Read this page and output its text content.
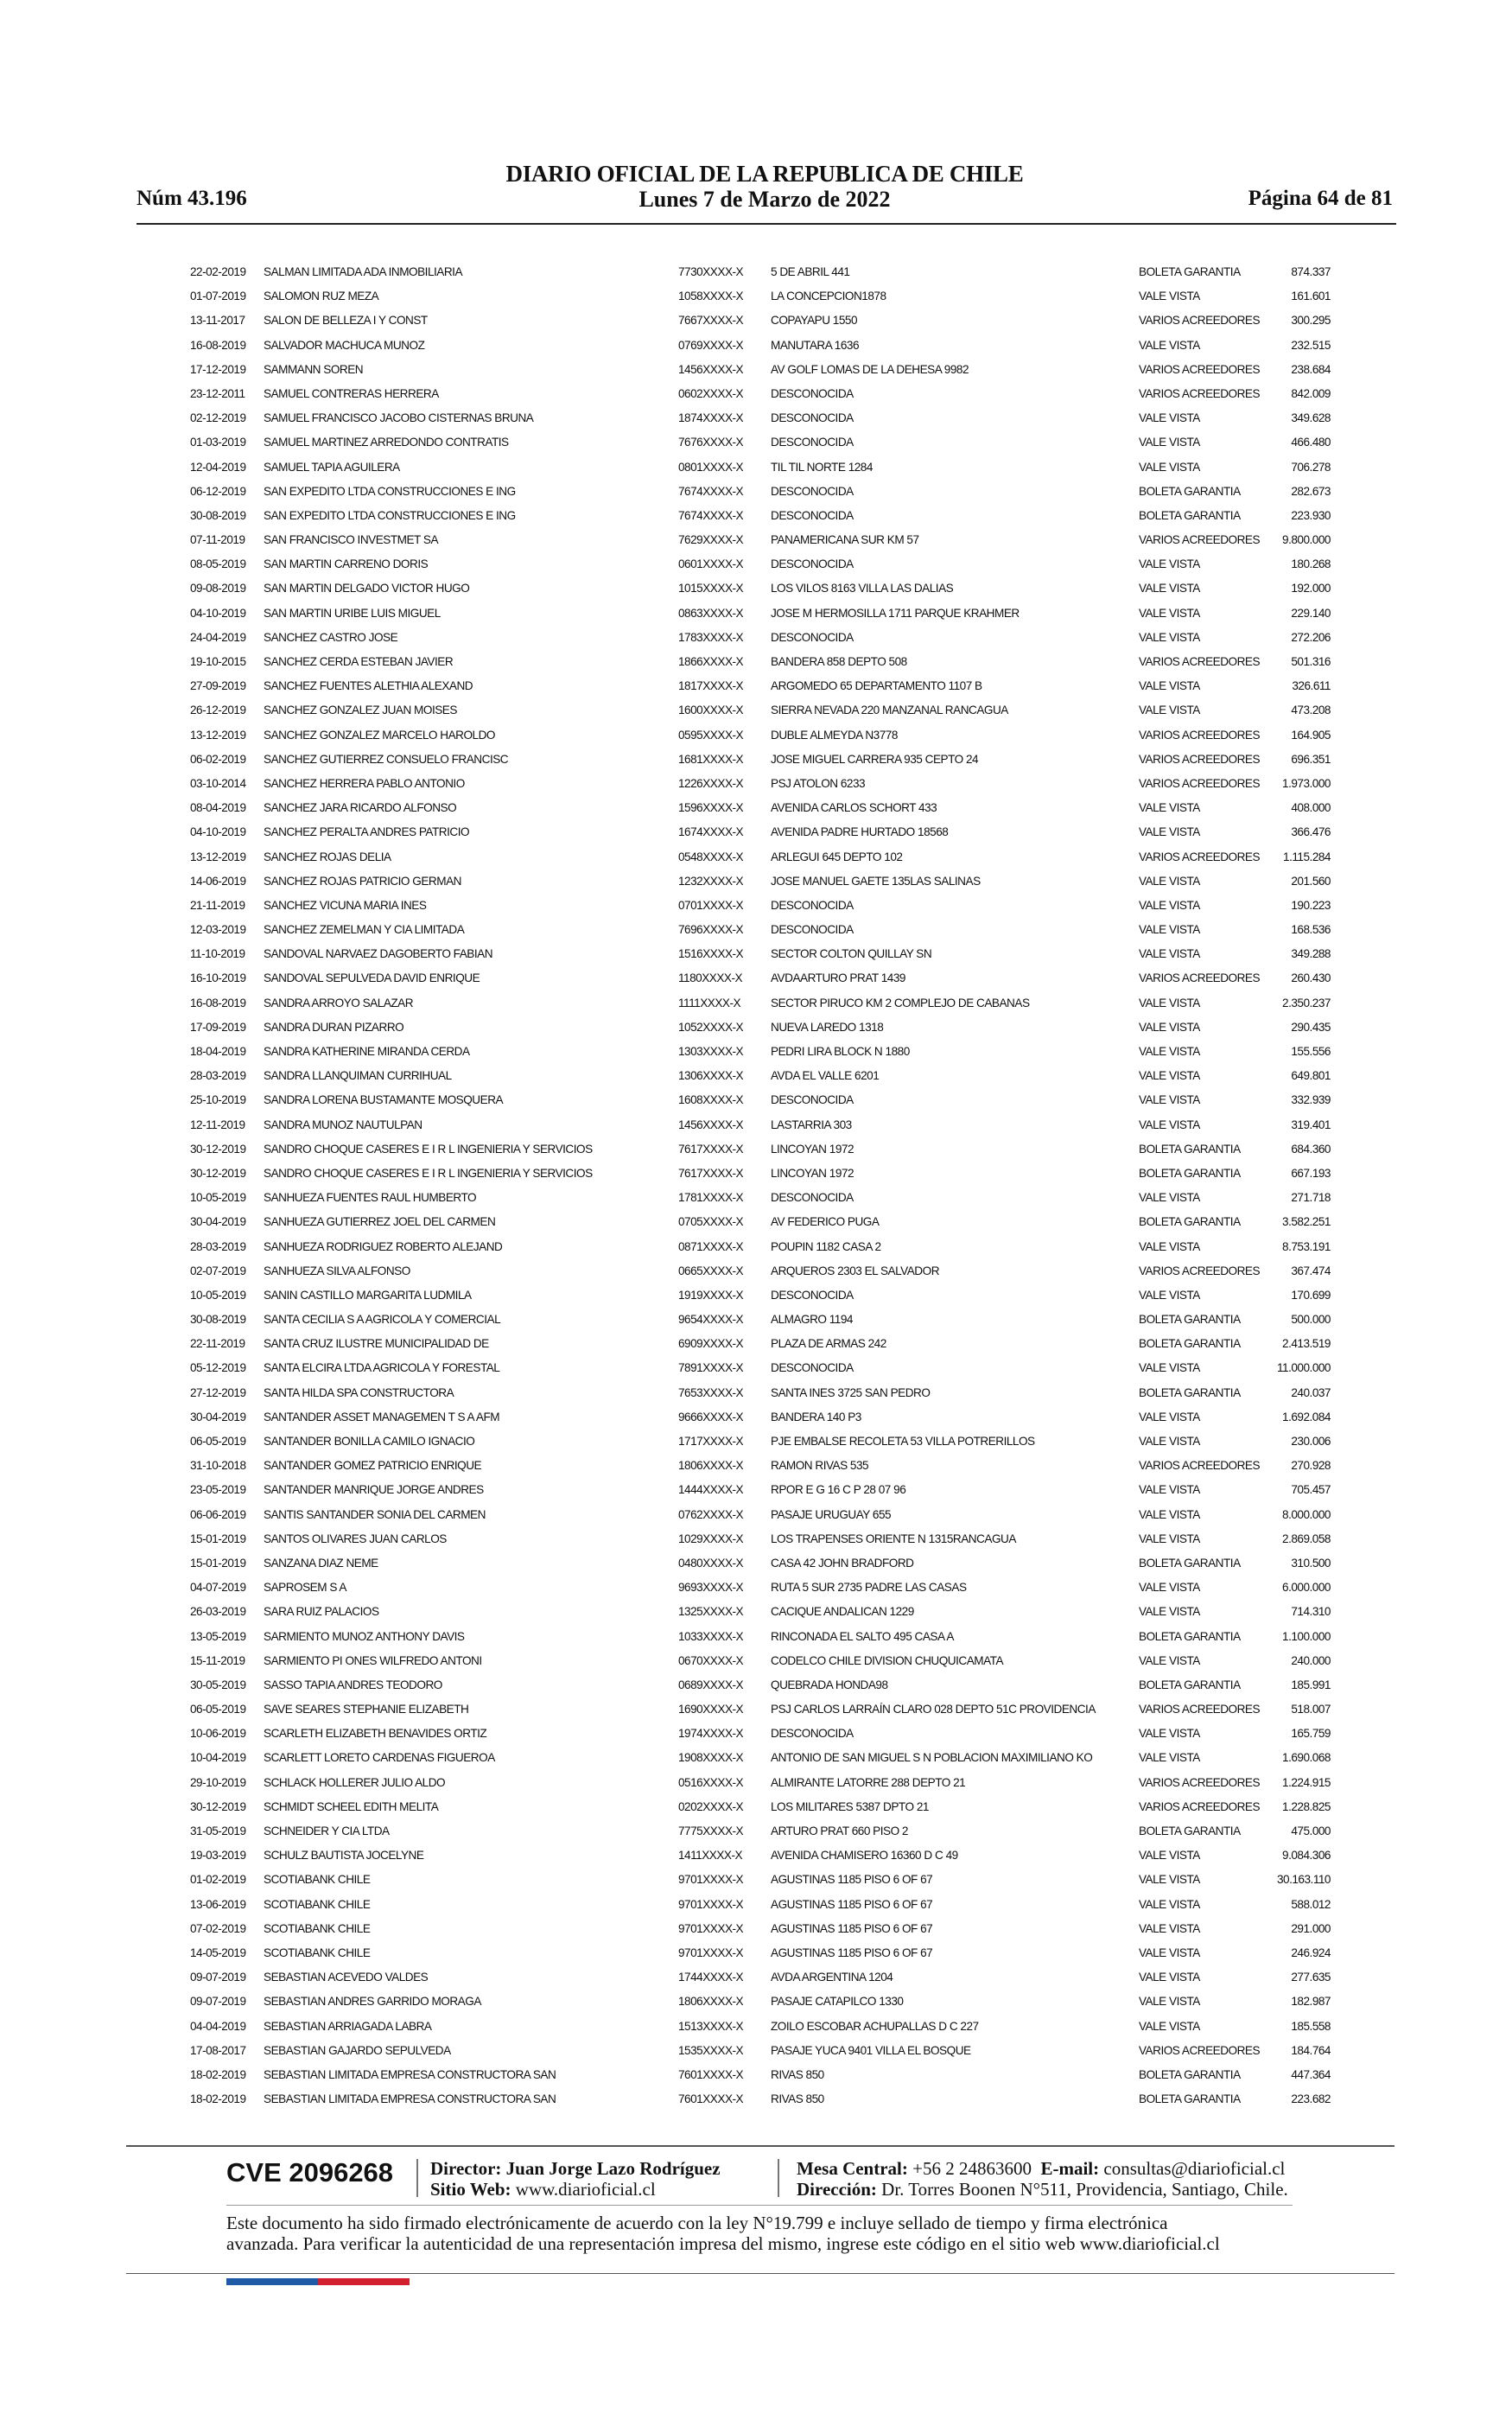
Núm 43.196
DIARIO OFICIAL DE LA REPUBLICA DE CHILE
Lunes 7 de Marzo de 2022	Página 64 de 81
22-02-2019 SALMAN LIMITADA ADA INMOBILIARIA	7730XXXX-X 5 DE ABRIL 441	BOLETA GARANTIA	874.337
01-07-2019 SALOMON RUZ MEZA	1058XXXX-X LA CONCEPCION1878	VALE VISTA	161.601
13-11-2017 SALON DE BELLEZA I Y CONST	7667XXXX-X COPAYAPU 1550	VARIOS ACREEDORES	300.295
16-08-2019 SALVADOR MACHUCA MUNOZ	0769XXXX-X MANUTARA 1636	VALE VISTA	232.515
17-12-2019 SAMMANN SOREN	1456XXXX-X AV GOLF LOMAS DE LA DEHESA 9982	VARIOS ACREEDORES	238.684
23-12-2011 SAMUEL CONTRERAS HERRERA	0602XXXX-X DESCONOCIDA	VARIOS ACREEDORES	842.009
02-12-2019 SAMUEL FRANCISCO JACOBO CISTERNAS BRUNA	1874XXXX-X DESCONOCIDA	VALE VISTA	349.628
01-03-2019 SAMUEL MARTINEZ ARREDONDO CONTRATIS	7676XXXX-X DESCONOCIDA	VALE VISTA	466.480
12-04-2019 SAMUEL TAPIA AGUILERA	0801XXXX-X TIL TIL NORTE 1284	VALE VISTA	706.278
06-12-2019 SAN EXPEDITO LTDA CONSTRUCCIONES E ING	7674XXXX-X DESCONOCIDA	BOLETA GARANTIA	282.673
30-08-2019 SAN EXPEDITO LTDA CONSTRUCCIONES E ING	7674XXXX-X DESCONOCIDA	BOLETA GARANTIA	223.930
07-11-2019 SAN FRANCISCO INVESTMET SA	7629XXXX-X PANAMERICANA SUR KM 57	VARIOS ACREEDORES 9.800.000
08-05-2019 SAN MARTIN CARRENO DORIS	0601XXXX-X DESCONOCIDA	VALE VISTA	180.268
09-08-2019 SAN MARTIN DELGADO VICTOR HUGO	1015XXXX-X LOS VILOS 8163 VILLA LAS DALIAS	VALE VISTA	192.000
04-10-2019 SAN MARTIN URIBE LUIS MIGUEL	0863XXXX-X JOSE M HERMOSILLA 1711 PARQUE KRAHMER	VALE VISTA	229.140
24-04-2019 SANCHEZ CASTRO JOSE	1783XXXX-X DESCONOCIDA	VALE VISTA	272.206
19-10-2015 SANCHEZ CERDA ESTEBAN JAVIER	1866XXXX-X BANDERA 858 DEPTO 508	VARIOS ACREEDORES	501.316
27-09-2019 SANCHEZ FUENTES ALETHIA ALEXAND	1817XXXX-X ARGOMEDO 65 DEPARTAMENTO 1107 B	VALE VISTA	326.611
26-12-2019 SANCHEZ GONZALEZ JUAN MOISES	1600XXXX-X SIERRA NEVADA 220 MANZANAL RANCAGUA	VALE VISTA	473.208
13-12-2019 SANCHEZ GONZALEZ MARCELO HAROLDO	0595XXXX-X DUBLE ALMEYDA N3778	VARIOS ACREEDORES	164.905
06-02-2019 SANCHEZ GUTIERREZ CONSUELO FRANCISC	1681XXXX-X JOSE MIGUEL CARRERA 935 CEPTO 24	VARIOS ACREEDORES	696.351
03-10-2014 SANCHEZ HERRERA PABLO ANTONIO	1226XXXX-X PSJ ATOLON 6233	VARIOS ACREEDORES 1.973.000
08-04-2019 SANCHEZ JARA RICARDO ALFONSO	1596XXXX-X AVENIDA CARLOS SCHORT 433	VALE VISTA	408.000
04-10-2019 SANCHEZ PERALTA ANDRES PATRICIO	1674XXXX-X AVENIDA PADRE HURTADO 18568	VALE VISTA	366.476
13-12-2019 SANCHEZ ROJAS DELIA	0548XXXX-X ARLEGUI 645 DEPTO 102	VARIOS ACREEDORES 1.115.284
14-06-2019 SANCHEZ ROJAS PATRICIO GERMAN	1232XXXX-X JOSE MANUEL GAETE 135LAS SALINAS	VALE VISTA	201.560
21-11-2019 SANCHEZ VICUNA MARIA INES	0701XXXX-X DESCONOCIDA	VALE VISTA	190.223
12-03-2019 SANCHEZ ZEMELMAN Y CIA LIMITADA	7696XXXX-X DESCONOCIDA	VALE VISTA	168.536
11-10-2019 SANDOVAL NARVAEZ DAGOBERTO FABIAN	1516XXXX-X SECTOR COLTON QUILLAY SN	VALE VISTA	349.288
16-10-2019 SANDOVAL SEPULVEDA DAVID ENRIQUE	1180XXXX-X AVDAARTURO PRAT 1439	VARIOS ACREEDORES	260.430
16-08-2019 SANDRA ARROYO SALAZAR	1111XXXX-X	SECTOR PIRUCO KM 2 COMPLEJO DE CABANAS	VALE VISTA	2.350.237
17-09-2019 SANDRA DURAN PIZARRO	1052XXXX-X NUEVA LAREDO 1318	VALE VISTA	290.435
18-04-2019 SANDRA KATHERINE MIRANDA CERDA	1303XXXX-X PEDRI LIRA BLOCK N 1880	VALE VISTA	155.556
28-03-2019 SANDRA LLANQUIMAN CURRIHUAL	1306XXXX-X AVDA EL VALLE 6201	VALE VISTA	649.801
25-10-2019 SANDRA LORENA BUSTAMANTE MOSQUERA	1608XXXX-X DESCONOCIDA	VALE VISTA	332.939
12-11-2019 SANDRA MUNOZ NAUTULPAN	1456XXXX-X LASTARRIA 303	VALE VISTA	319.401
30-12-2019 SANDRO CHOQUE CASERES E I R L INGENIERIA Y SERVICIOS	7617XXXX-X LINCOYAN 1972	BOLETA GARANTIA	684.360
30-12-2019 SANDRO CHOQUE CASERES E I R L INGENIERIA Y SERVICIOS	7617XXXX-X LINCOYAN 1972	BOLETA GARANTIA	667.193
10-05-2019 SANHUEZA FUENTES RAUL HUMBERTO	1781XXXX-X DESCONOCIDA	VALE VISTA	271.718
30-04-2019 SANHUEZA GUTIERREZ JOEL DEL CARMEN	0705XXXX-X AV FEDERICO PUGA	BOLETA GARANTIA	3.582.251
28-03-2019 SANHUEZA RODRIGUEZ ROBERTO ALEJAND	0871XXXX-X POUPIN 1182 CASA 2	VALE VISTA	8.753.191
02-07-2019 SANHUEZA SILVA ALFONSO	0665XXXX-X ARQUEROS 2303 EL SALVADOR	VARIOS ACREEDORES	367.474
10-05-2019 SANIN CASTILLO MARGARITA LUDMILA	1919XXXX-X DESCONOCIDA	VALE VISTA	170.699
30-08-2019 SANTA CECILIA S A AGRICOLA Y COMERCIAL	9654XXXX-X ALMAGRO 1194	BOLETA GARANTIA	500.000
22-11-2019 SANTA CRUZ ILUSTRE MUNICIPALIDAD DE	6909XXXX-X PLAZA DE ARMAS 242	BOLETA GARANTIA	2.413.519
05-12-2019 SANTA ELCIRA LTDA AGRICOLA Y FORESTAL	7891XXXX-X DESCONOCIDA	VALE VISTA	11.000.000
27-12-2019 SANTA HILDA SPA CONSTRUCTORA	7653XXXX-X SANTA INES 3725 SAN PEDRO	BOLETA GARANTIA	240.037
30-04-2019 SANTANDER ASSET MANAGEMEN T S A AFM	9666XXXX-X BANDERA 140 P3	VALE VISTA	1.692.084
06-05-2019 SANTANDER BONILLA CAMILO IGNACIO	1717XXXX-X PJE EMBALSE RECOLETA 53 VILLA POTRERILLOS	VALE VISTA	230.006
31-10-2018 SANTANDER GOMEZ PATRICIO ENRIQUE	1806XXXX-X RAMON RIVAS 535	VARIOS ACREEDORES	270.928
23-05-2019 SANTANDER MANRIQUE JORGE ANDRES	1444XXXX-X RPOR E G 16 C P 28 07 96	VALE VISTA	705.457
06-06-2019 SANTIS SANTANDER SONIA DEL CARMEN	0762XXXX-X PASAJE URUGUAY 655	VALE VISTA	8.000.000
15-01-2019 SANTOS OLIVARES JUAN CARLOS	1029XXXX-X LOS TRAPENSES ORIENTE N 1315RANCAGUA	VALE VISTA	2.869.058
15-01-2019 SANZANA DIAZ NEME	0480XXXX-X CASA 42 JOHN BRADFORD	BOLETA GARANTIA	310.500
04-07-2019 SAPROSEM S A	9693XXXX-X RUTA 5 SUR 2735 PADRE LAS CASAS	VALE VISTA	6.000.000
26-03-2019 SARA RUIZ PALACIOS	1325XXXX-X CACIQUE ANDALICAN 1229	VALE VISTA	714.310
13-05-2019 SARMIENTO MUNOZ ANTHONY DAVIS	1033XXXX-X RINCONADA EL SALTO 495 CASA A	BOLETA GARANTIA	1.100.000
15-11-2019 SARMIENTO PI ONES WILFREDO ANTONI	0670XXXX-X CODELCO CHILE DIVISION CHUQUICAMATA	VALE VISTA	240.000
30-05-2019 SASSO TAPIA ANDRES TEODORO	0689XXXX-X QUEBRADA HONDA98	BOLETA GARANTIA	185.991
06-05-2019 SAVE SEARES STEPHANIE ELIZABETH	1690XXXX-X PSJ CARLOS LARRAÍN CLARO 028 DEPTO 51C PROVIDENCIA	VARIOS ACREEDORES	518.007
10-06-2019 SCARLETH ELIZABETH BENAVIDES ORTIZ	1974XXXX-X DESCONOCIDA	VALE VISTA	165.759
10-04-2019 SCARLETT LORETO CARDENAS FIGUEROA	1908XXXX-X ANTONIO DE SAN MIGUEL S N POBLACION MAXIMILIANO KO	VALE VISTA	1.690.068
29-10-2019 SCHLACK HOLLERER JULIO ALDO	0516XXXX-X ALMIRANTE LATORRE 288 DEPTO 21	VARIOS ACREEDORES 1.224.915
30-12-2019 SCHMIDT SCHEEL EDITH MELITA	0202XXXX-X LOS MILITARES 5387 DPTO 21	VARIOS ACREEDORES 1.228.825
31-05-2019 SCHNEIDER Y CIA LTDA	7775XXXX-X ARTURO PRAT 660 PISO 2	BOLETA GARANTIA	475.000
19-03-2019 SCHULZ BAUTISTA JOCELYNE	1411XXXX-X AVENIDA CHAMISERO 16360 D C 49	VALE VISTA	9.084.306
01-02-2019 SCOTIABANK CHILE	9701XXXX-X AGUSTINAS 1185 PISO 6 OF 67	VALE VISTA	30.163.110
13-06-2019 SCOTIABANK CHILE	9701XXXX-X AGUSTINAS 1185 PISO 6 OF 67	VALE VISTA	588.012
07-02-2019 SCOTIABANK CHILE	9701XXXX-X AGUSTINAS 1185 PISO 6 OF 67	VALE VISTA	291.000
14-05-2019 SCOTIABANK CHILE	9701XXXX-X AGUSTINAS 1185 PISO 6 OF 67	VALE VISTA	246.924
09-07-2019 SEBASTIAN ACEVEDO VALDES	1744XXXX-X AVDA ARGENTINA 1204	VALE VISTA	277.635
09-07-2019 SEBASTIAN ANDRES GARRIDO MORAGA	1806XXXX-X PASAJE CATAPILCO 1330	VALE VISTA	182.987
04-04-2019 SEBASTIAN ARRIAGADA LABRA	1513XXXX-X ZOILO ESCOBAR ACHUPALLAS D C 227	VALE VISTA	185.558
17-08-2017 SEBASTIAN GAJARDO SEPULVEDA	1535XXXX-X PASAJE YUCA 9401 VILLA EL BOSQUE	VARIOS ACREEDORES	184.764
18-02-2019 SEBASTIAN LIMITADA EMPRESA CONSTRUCTORA SAN	7601XXXX-X RIVAS 850	BOLETA GARANTIA	447.364
18-02-2019 SEBASTIAN LIMITADA EMPRESA CONSTRUCTORA SAN	7601XXXX-X RIVAS 850	BOLETA GARANTIA	223.682
CVE 2096268 Director: Juan Jorge Lazo Rodríguez
Sitio Web: www.diarioficial.cl
Mesa Central: +56 2 24863600 E-mail: consultas@diarioficial.cl
Dirección: Dr. Torres Boonen N°511, Providencia, Santiago, Chile.
Este documento ha sido firmado electrónicamente de acuerdo con la ley N°19.799 e incluye sellado de tiempo y firma electrónica
avanzada. Para verificar la autenticidad de una representación impresa del mismo, ingrese este código en el sitio web www.diarioficial.cl
